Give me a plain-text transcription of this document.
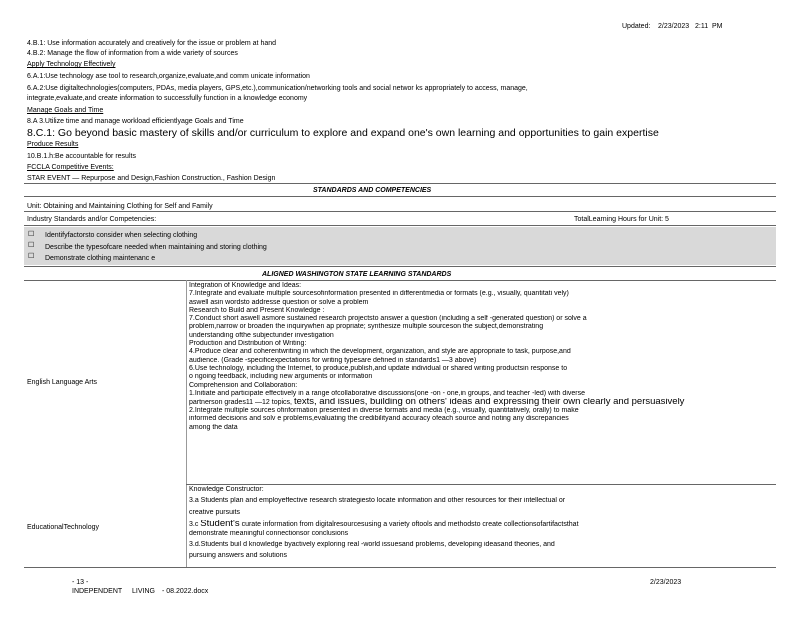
Updated: 2/23/2023 2:11 PM
4.B.1: Use information accurately and creatively for the issue or problem at hand
4.B.2: Manage the flow of information from a wide variety of sources
Apply Technology Effectively
6.A.1:Use technology ase tool to research,organize,evaluate,and comm unicate information
6.A.2:Use digitaltechnologies(computers, PDAs, media players, GPS,etc.),communication/networking tools and social networ ks appropriately to access, manage,
integrate,evaluate,and create information to successfully function in a knowledge economy
Manage Goals and Time
8.A 3.Utilize time and manage workload efficientlyage Goals and Time
8.C.1: Go beyond basic mastery of skills and/or curriculum to explore and expand one's own learning and opportunities to gain expertise
Produce Results
10.B.1.h:Be accountable for results
FCCLA Competitive Events:
STAR EVENT — Repurpose and Design,Fashion Construction., Fashion Design
STANDARDS AND COMPETENCIES
Unit: Obtaining and Maintaining Clothing for Self and Family
Industry Standards and/or Competencies:	TotalLearning Hours for Unit: 5
☐ Identifyfactorsto consider when selecting clothing
☐ Describe the typesofcare needed when maintaining and storing clothing
☐ Demonstrate clothing maintenanc e
ALIGNED WASHINGTON STATE LEARNING STANDARDS
English Language Arts
Integration of Knowledge and Ideas:
7.Integrate and evaluate multiple sourcesofinformation presented in differentmedia or formats (e.g., visually, quantitati vely)
aswell asin wordsto addresse question or solve a problem
Research to Build and Present Knowledge :
7.Conduct short aswell asmore sustained research projectsto answer a question (including a self -generated question) or solve a
problem,narrow or broaden the inquirywhen ap propriate; synthesize multiple sourceson the subject,demonstrating
understanding ofthe subjectunder investigation
Production and Distribution of Writing:
4.Produce clear and coherentwriting in which the development, organization, and style are appropriate to task, purpose,and
audience. (Grade -specificexpectations for writing typesare defined in standards1 —3 above)
6.Use technology, including the Internet, to produce,publish,and update individual or shared writing productsin response to
o ngoing feedback, including new arguments or information
Comprehension and Collaboration:
1.Initiate and participate effectively in a range ofcollaborative discussions(one -on - one,in groups, and teacher -led) with diverse
partnerson grades11 —12 topics, texts, and issues, building on others' ideas and expressing their own clearly and persuasively
2.Integrate multiple sources ofinformation presented in diverse formats and media (e.g., visually, quantitatively, orally) to make
informed decisions and solv e problems,evaluating the credibilityand accuracy ofeach source and noting any discrepancies
among the data
EducationalTechnology
Knowledge Constructor:
3.a Students plan and employeffective research strategiesto locate information and other resources for their intellectual or
creative pursuits
3.c Student's curate information from digitalresourcesusing a variety oftools and methodsto create collectionsofartifactsthat
demonstrate meaningful connectionsor conclusions
3.d.Students buil d knowledge byactively exploring real -world issuesand problems, developing ideasand theories, and
pursuing answers and solutions
- 13 -
INDEPENDENT LIVING - 08.2022.docx
2/23/2023
